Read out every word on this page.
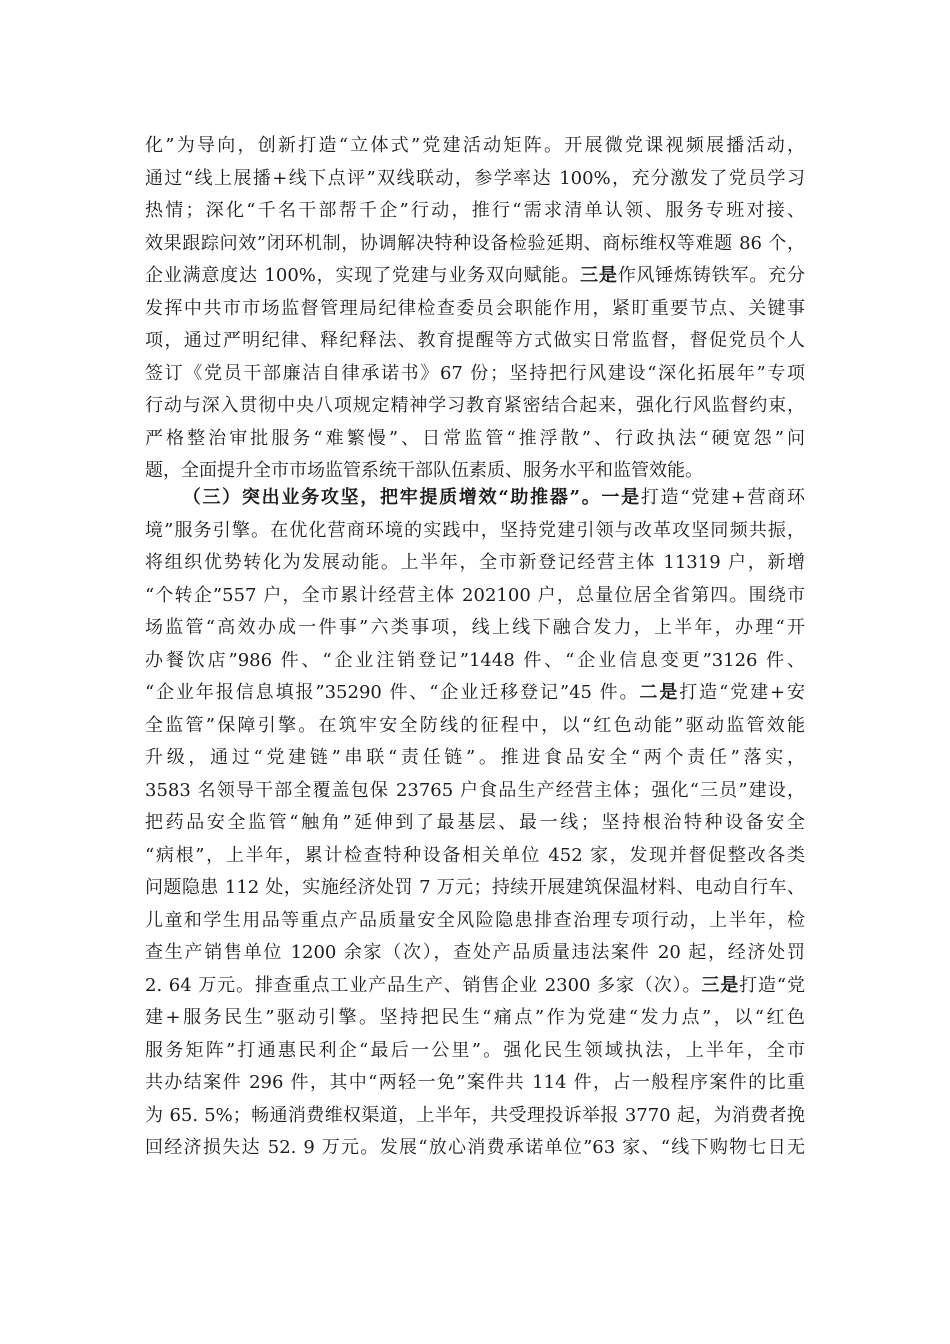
化”为导向，创新打造“立体式”党建活动矩阵。开展微党课视频展播活动，
通过“线上展播+线下点评”双线联动，参学率达 100%，充分激发了党员学习
热情；深化“千名干部帮千企”行动，推行“需求清单认领、服务专班对接、
效果跟踪问效”闭环机制，协调解决特种设备检验延期、商标维权等难题 86 个，
企业满意度达 100%，实现了党建与业务双向赋能。三是作风锤炼铸铁军。充分
发挥中共市市场监督管理局纪律检查委员会职能作用，紧盯重要节点、关键事
项，通过严明纪律、释纪释法、教育提醒等方式做实日常监督，督促党员个人
签订《党员干部廉洁自律承诺书》67 份；坚持把行风建设“深化拓展年”专项
行动与深入贯彻中央八项规定精神学习教育紧密结合起来，强化行风监督约束，
严格整治审批服务“难繁慢”、日常监管“推浮散”、行政执法“硬宽怨”问
题，全面提升全市市场监管系统干部队伍素质、服务水平和监管效能。
（三）突出业务攻坚，把牢提质增效“助推器”。一是打造“党建+营商环
境”服务引擎。在优化营商环境的实践中，坚持党建引领与改革攻坚同频共振，
将组织优势转化为发展动能。上半年，全市新登记经营主体 11319 户，新增
“个转企”557 户，全市累计经营主体 202100 户，总量位居全省第四。围绕市
场监管“高效办成一件事”六类事项，线上线下融合发力，上半年，办理“开
办餐饮店”986 件、“企业注销登记”1448 件、“企业信息变更”3126 件、
“企业年报信息填报”35290 件、“企业迁移登记”45 件。二是打造“党建+安
全监管”保障引擎。在筑牢安全防线的征程中，以“红色动能”驱动监管效能
升级，通过“党建链”串联“责任链”。推进食品安全“两个责任”落实，
3583 名领导干部全覆盖包保 23765 户食品生产经营主体；强化“三员”建设，
把药品安全监管“触角”延伸到了最基层、最一线；坚持根治特种设备安全
“病根”，上半年，累计检查特种设备相关单位 452 家，发现并督促整改各类
问题隐患 112 处，实施经济处罚 7 万元；持续开展建筑保温材料、电动自行车、
儿童和学生用品等重点产品质量安全风险隐患排查治理专项行动，上半年，检
查生产销售单位 1200 余家（次），查处产品质量违法案件 20 起，经济处罚
2. 64 万元。排查重点工业产品生产、销售企业 2300 多家（次）。三是打造“党
建+服务民生”驱动引擎。坚持把民生“痛点”作为党建“发力点”，以“红色
服务矩阵”打通惠民利企“最后一公里”。强化民生领域执法，上半年，全市
共办结案件 296 件，其中“两轻一免”案件共 114 件，占一般程序案件的比重
为 65. 5%；畅通消费维权渠道，上半年，共受理投诉举报 3770 起，为消费者挽
回经济损失达 52. 9 万元。发展“放心消费承诺单位”63 家、“线下购物七日无
